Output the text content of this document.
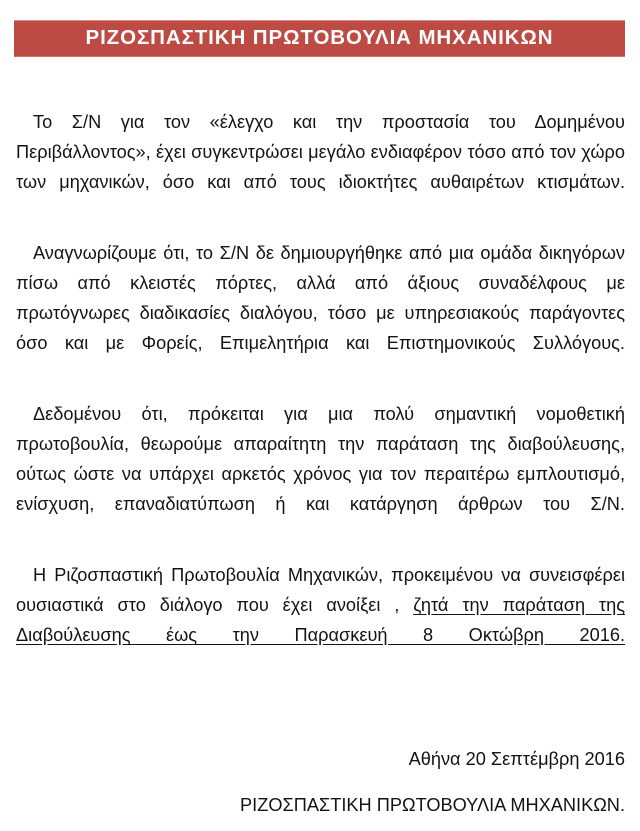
ΡΙΖΟΣΠΑΣΤΙΚΗ ΠΡΩΤΟΒΟΥΛΙΑ ΜΗΧΑΝΙΚΩΝ

Το Σ/Ν για τον «έλεγχο και την προστασία του Δομημένου Περιβάλλοντος», έχει συγκεντρώσει μεγάλο ενδιαφέρον τόσο από τον χώρο των μηχανικών, όσο και από τους ιδιοκτήτες αυθαιρέτων κτισμάτων.

Αναγνωρίζουμε ότι, το Σ/Ν δε δημιουργήθηκε από μια ομάδα δικηγόρων πίσω από κλειστές πόρτες, αλλά από άξιους συναδέλφους με πρωτόγνωρες διαδικασίες διαλόγου, τόσο με υπηρεσιακούς παράγοντες όσο και με Φορείς, Επιμελητήρια και Επιστημονικούς Συλλόγους.

Δεδομένου ότι, πρόκειται για μια πολύ σημαντική νομοθετική πρωτοβουλία, θεωρούμε απαραίτητη την παράταση της διαβούλευσης, ούτως ώστε να υπάρχει αρκετός χρόνος για τον περαιτέρω εμπλουτισμό, ενίσχυση, επαναδιατύπωση ή και κατάργηση άρθρων του Σ/Ν.

Η Ριζοσπαστική Πρωτοβουλία Μηχανικών, προκειμένου να συνεισφέρει ουσιαστικά στο διάλογο που έχει ανοίξει , ζητά την παράταση της Διαβούλευσης έως την Παρασκευή 8 Οκτώβρη 2016.

Αθήνα 20 Σεπτέμβρη 2016
ΡΙΖΟΣΠΑΣΤΙΚΗ ΠΡΩΤΟΒΟΥΛΙΑ ΜΗΧΑΝΙΚΩΝ.
